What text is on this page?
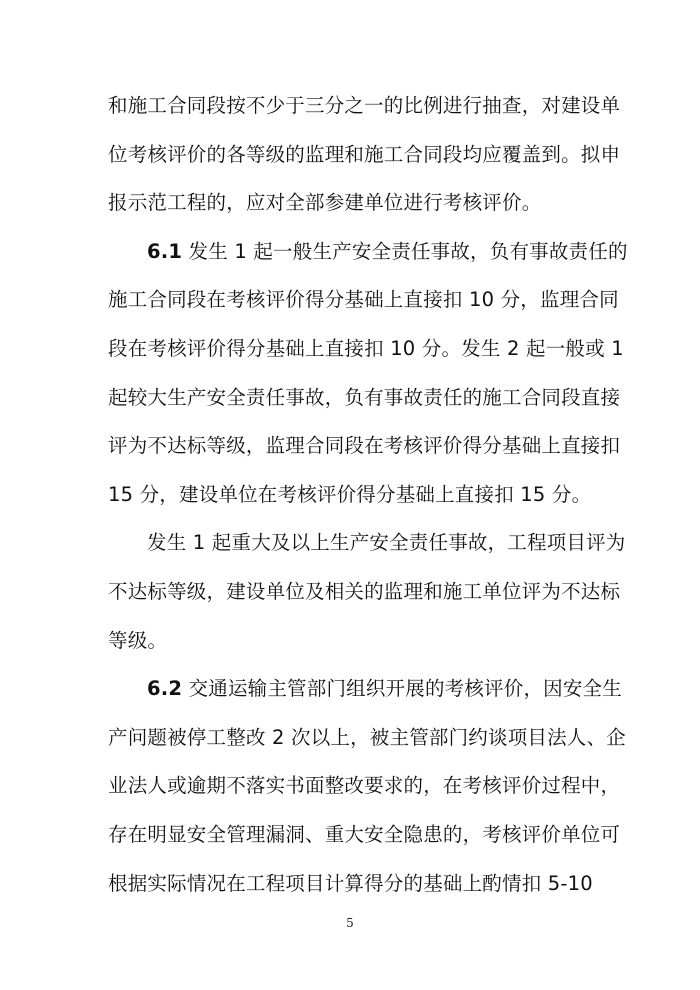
和施工合同段按不少于三分之一的比例进行抽查，对建设单
位考核评价的各等级的监理和施工合同段均应覆盖到。拟申
报示范工程的，应对全部参建单位进行考核评价。

6.1 发生 1 起一般生产安全责任事故，负有事故责任的
施工合同段在考核评价得分基础上直接扣 10 分，监理合同
段在考核评价得分基础上直接扣 10 分。发生 2 起一般或 1
起较大生产安全责任事故，负有事故责任的施工合同段直接
评为不达标等级，监理合同段在考核评价得分基础上直接扣
15 分，建设单位在考核评价得分基础上直接扣 15 分。

发生 1 起重大及以上生产安全责任事故，工程项目评为
不达标等级，建设单位及相关的监理和施工单位评为不达标
等级。

6.2 交通运输主管部门组织开展的考核评价，因安全生
产问题被停工整改 2 次以上，被主管部门约谈项目法人、企
业法人或逾期不落实书面整改要求的，在考核评价过程中，
存在明显安全管理漏洞、重大安全隐患的，考核评价单位可
根据实际情况在工程项目计算得分的基础上酌情扣 5-10

5
